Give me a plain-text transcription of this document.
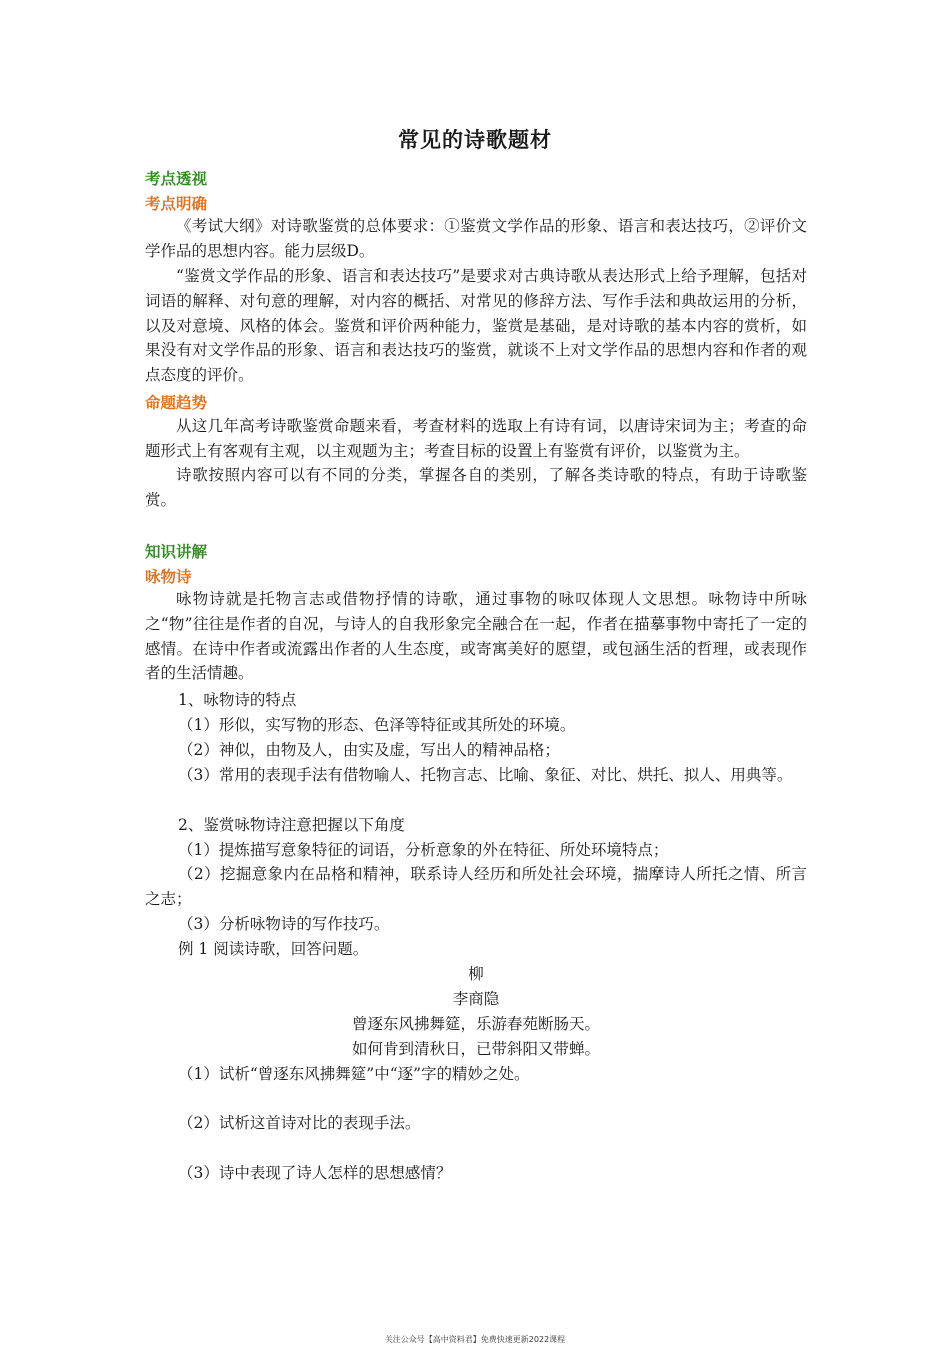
常见的诗歌题材
考点透视
考点明确
《考试大纲》对诗歌鉴赏的总体要求：①鉴赏文学作品的形象、语言和表达技巧，②评价文学作品的思想内容。能力层级D。
“鉴赏文学作品的形象、语言和表达技巧”是要求对古典诗歌从表达形式上给予理解，包括对词语的解释、对句意的理解，对内容的概括、对常见的修辞方法、写作手法和典故运用的分析，以及对意境、风格的体会。鉴赏和评价两种能力，鉴赏是基础，是对诗歌的基本内容的赏析，如果没有对文学作品的形象、语言和表达技巧的鉴赏，就谈不上对文学作品的思想内容和作者的观点态度的评价。
命题趋势
从这几年高考诗歌鉴赏命题来看，考查材料的选取上有诗有词，以唐诗宋词为主；考查的命题形式上有客观有主观，以主观题为主；考查目标的设置上有鉴赏有评价，以鉴赏为主。
诗歌按照内容可以有不同的分类，掌握各自的类别，了解各类诗歌的特点，有助于诗歌鉴赏。
知识讲解
咏物诗
咏物诗就是托物言志或借物抒情的诗歌，通过事物的咏叹体现人文思想。咏物诗中所咏之“物”往往是作者的自况，与诗人的自我形象完全融合在一起，作者在描摹事物中寄托了一定的感情。在诗中作者或流露出作者的人生态度，或寄寓美好的愿望，或包涵生活的哲理，或表现作者的生活情趣。
1、咏物诗的特点
（1）形似，实写物的形态、色泽等特征或其所处的环境。
（2）神似，由物及人，由实及虚，写出人的精神品格；
（3）常用的表现手法有借物喻人、托物言志、比喻、象征、对比、烘托、拟人、用典等。
2、鉴赏咏物诗注意把握以下角度
（1）提炼描写意象特征的词语，分析意象的外在特征、所处环境特点；
（2）挖掘意象内在品格和精神，联系诗人经历和所处社会环境，揣摩诗人所托之情、所言之志；
（3）分析咏物诗的写作技巧。
例 1 阅读诗歌，回答问题。
柳
李商隐
曾逐东风拂舞筵，乐游春苑断肠天。
如何肯到清秋日，已带斜阳又带蝉。
（1）试析“曾逐东风拂舞筵”中“逐”字的精妙之处。
（2）试析这首诗对比的表现手法。
（3）诗中表现了诗人怎样的思想感情？
关注公众号【高中资料君】免费快速更新2022课程
